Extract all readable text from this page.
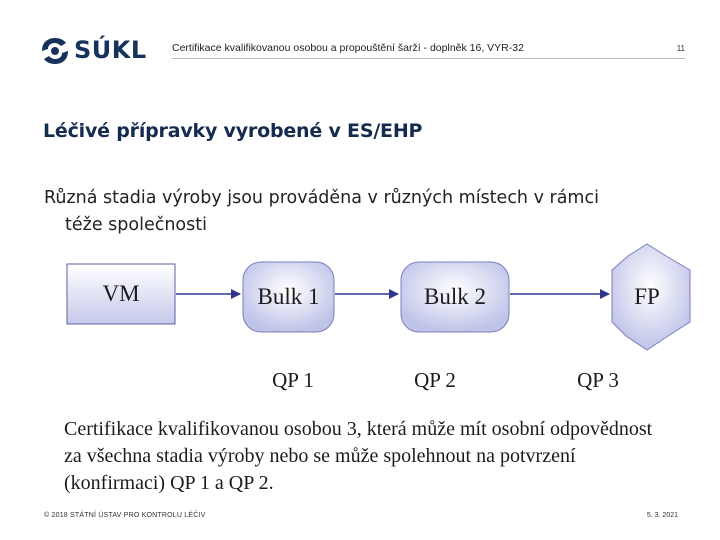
SÚKL Certifikace kvalifikovanou osobou a propouštění šarží - doplněk 16, VYR-32	11
Léčivé přípravky vyrobené v ES/EHP
Různá stadia výroby jsou prováděna v různých místech v rámci
téže společnosti
VM	Bulk 1	Bulk 2	FP
QP 1	QP 2	QP 3
Certifikace kvalifikovanou osobou 3, která může mít osobní odpovědnost za všechna stadia výroby nebo se může spolehnout na potvrzení (konfirmaci) QP 1 a QP 2.
© 2018 STÁTNÍ ÚSTAV PRO KONTROLU LÉČIV	5. 3. 2021
